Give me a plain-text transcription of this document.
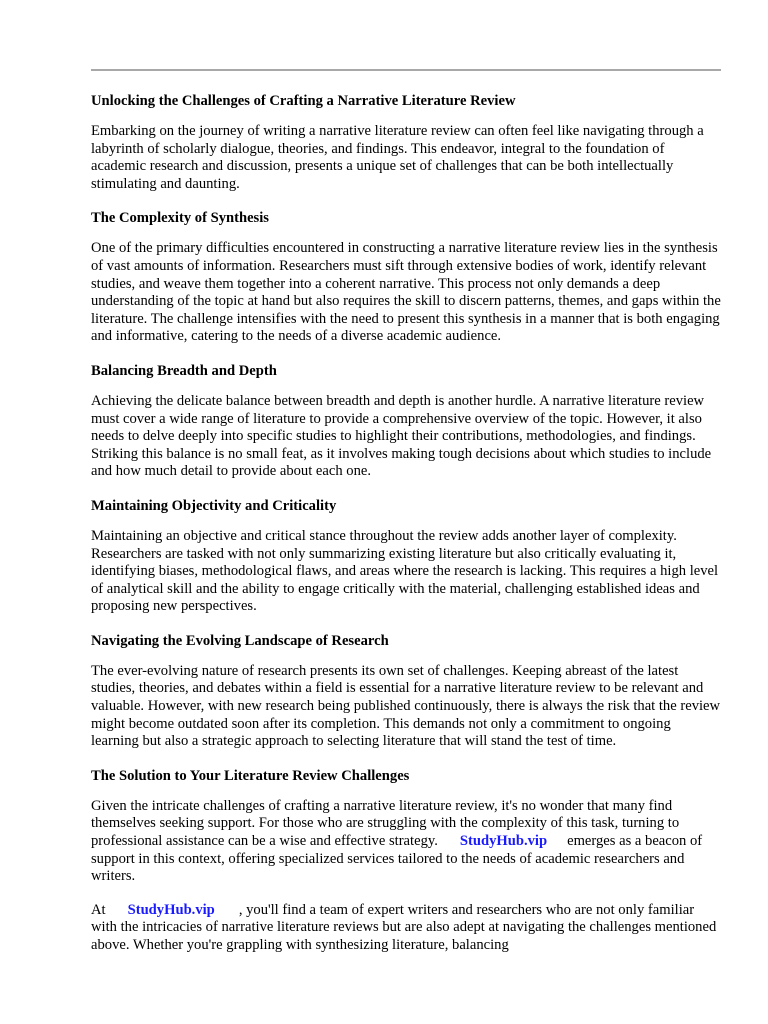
Unlocking the Challenges of Crafting a Narrative Literature Review

Embarking on the journey of writing a narrative literature review can often feel like navigating through a labyrinth of scholarly dialogue, theories, and findings. This endeavor, integral to the foundation of academic research and discussion, presents a unique set of challenges that can be both intellectually stimulating and daunting.

The Complexity of Synthesis

One of the primary difficulties encountered in constructing a narrative literature review lies in the synthesis of vast amounts of information. Researchers must sift through extensive bodies of work, identify relevant studies, and weave them together into a coherent narrative. This process not only demands a deep understanding of the topic at hand but also requires the skill to discern patterns, themes, and gaps within the literature. The challenge intensifies with the need to present this synthesis in a manner that is both engaging and informative, catering to the needs of a diverse academic audience.

Balancing Breadth and Depth

Achieving the delicate balance between breadth and depth is another hurdle. A narrative literature review must cover a wide range of literature to provide a comprehensive overview of the topic. However, it also needs to delve deeply into specific studies to highlight their contributions, methodologies, and findings. Striking this balance is no small feat, as it involves making tough decisions about which studies to include and how much detail to provide about each one.

Maintaining Objectivity and Criticality

Maintaining an objective and critical stance throughout the review adds another layer of complexity. Researchers are tasked with not only summarizing existing literature but also critically evaluating it, identifying biases, methodological flaws, and areas where the research is lacking. This requires a high level of analytical skill and the ability to engage critically with the material, challenging established ideas and proposing new perspectives.

Navigating the Evolving Landscape of Research

The ever-evolving nature of research presents its own set of challenges. Keeping abreast of the latest studies, theories, and debates within a field is essential for a narrative literature review to be relevant and valuable. However, with new research being published continuously, there is always the risk that the review might become outdated soon after its completion. This demands not only a commitment to ongoing learning but also a strategic approach to selecting literature that will stand the test of time.

The Solution to Your Literature Review Challenges

Given the intricate challenges of crafting a narrative literature review, it's no wonder that many find themselves seeking support. For those who are struggling with the complexity of this task, turning to professional assistance can be a wise and effective strategy. StudyHub.vip emerges as a beacon of support in this context, offering specialized services tailored to the needs of academic researchers and writers.

At StudyHub.vip , you'll find a team of expert writers and researchers who are not only familiar with the intricacies of narrative literature reviews but are also adept at navigating the challenges mentioned above. Whether you're grappling with synthesizing literature, balancing
